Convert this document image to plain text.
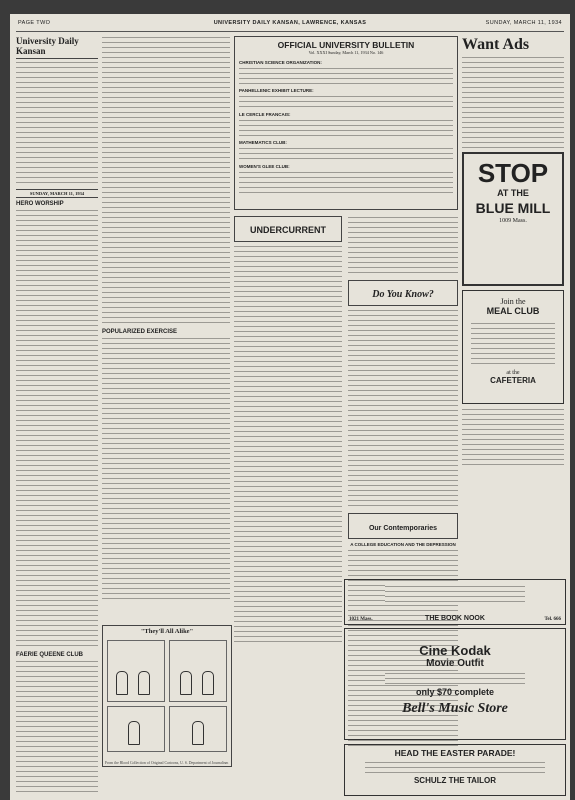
PAGE TWO	UNIVERSITY DAILY KANSAN, LAWRENCE, KANSAS	SUNDAY, MARCH 11, 1934
University Daily Kansan
SUNDAY, MARCH 11, 1934
HERO WORSHIP
FAERIE QUEENE CLUB
POPULARIZED EXERCISE
OFFICIAL UNIVERSITY BULLETIN
Vol. XXXI Sunday, March 11, 1934 No. 146
CHRISTIAN SCIENCE ORGANIZATION:
PANHELLENIC EXHIBIT LECTURE:
LE CERCLE FRANCAIS:
MATHEMATICS CLUB:
WOMEN'S GLEE CLUB:
UNDERCURRENT
Do You Know?
Our Contemporaries
A COLLEGE EDUCATION AND THE DEPRESSION
"They'll All Alike"
From the Blood Collection of Original Cartoons, U. S. Department of Journalism
Want Ads
STOP
AT THE
BLUE MILL
1009 Mass.
Join the
MEAL CLUB
at the
CAFETERIA
1021 Mass.	THE BOOK NOOK	Tel. 666
Cine Kodak
Movie Outfit
only $70 complete
Bell's Music Store
HEAD THE EASTER PARADE!
SCHULZ THE TAILOR
